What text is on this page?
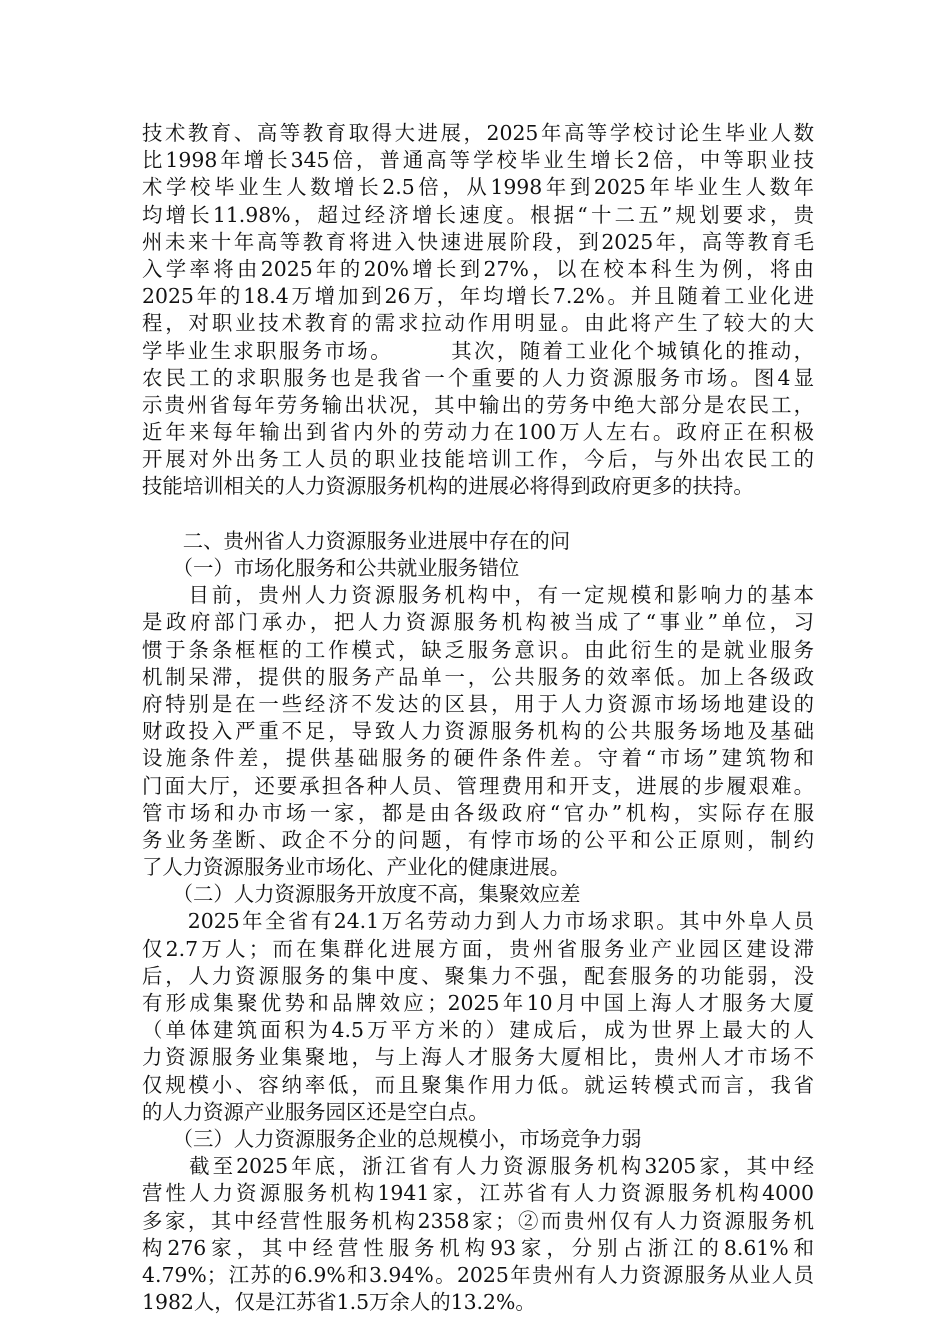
技术教育、高等教育取得大进展，2025年高等学校讨论生毕业人数
比1998年增长345倍，普通高等学校毕业生增长2倍，中等职业技
术学校毕业生人数增长2.5倍，从1998年到2025年毕业生人数年
均增长11.98%，超过经济增长速度。根据“十二五”规划要求，贵
州未来十年高等教育将进入快速进展阶段，到2025年，高等教育毛
入学率将由2025年的20%增长到27%，以在校本科生为例，将由
2025年的18.4万增加到26万，年均增长7.2%。并且随着工业化进
程，对职业技术教育的需求拉动作用明显。由此将产生了较大的大
学毕业生求职服务市场。　　　其次，随着工业化个城镇化的推动，
农民工的求职服务也是我省一个重要的人力资源服务市场。图4显
示贵州省每年劳务输出状况，其中输出的劳务中绝大部分是农民工，
近年来每年输出到省内外的劳动力在100万人左右。政府正在积极
开展对外出务工人员的职业技能培训工作，今后，与外出农民工的
技能培训相关的人力资源服务机构的进展必将得到政府更多的扶持。
　　二、贵州省人力资源服务业进展中存在的问
　　（一）市场化服务和公共就业服务错位
　　目前，贵州人力资源服务机构中，有一定规模和影响力的基本
是政府部门承办，把人力资源服务机构被当成了“事业”单位，习
惯于条条框框的工作模式，缺乏服务意识。由此衍生的是就业服务
机制呆滞，提供的服务产品单一，公共服务的效率低。加上各级政
府特别是在一些经济不发达的区县，用于人力资源市场场地建设的
财政投入严重不足，导致人力资源服务机构的公共服务场地及基础
设施条件差，提供基础服务的硬件条件差。守着“市场”建筑物和
门面大厅，还要承担各种人员、管理费用和开支，进展的步履艰难。
管市场和办市场一家，都是由各级政府“官办”机构，实际存在服
务业务垄断、政企不分的问题，有悖市场的公平和公正原则，制约
了人力资源服务业市场化、产业化的健康进展。
　　（二）人力资源服务开放度不高，集聚效应差
　　2025年全省有24.1万名劳动力到人力市场求职。其中外阜人员
仅2.7万人；而在集群化进展方面，贵州省服务业产业园区建设滞
后，人力资源服务的集中度、聚集力不强，配套服务的功能弱，没
有形成集聚优势和品牌效应；2025年10月中国上海人才服务大厦
（单体建筑面积为4.5万平方米的）建成后，成为世界上最大的人
力资源服务业集聚地，与上海人才服务大厦相比，贵州人才市场不
仅规模小、容纳率低，而且聚集作用力低。就运转模式而言，我省
的人力资源产业服务园区还是空白点。
　　（三）人力资源服务企业的总规模小，市场竞争力弱
　　截至2025年底，浙江省有人力资源服务机构3205家，其中经
营性人力资源服务机构1941家，江苏省有人力资源服务机构4000
多家，其中经营性服务机构2358家；②而贵州仅有人力资源服务机
构276家，其中经营性服务机构93家，分别占浙江的8.61%和
4.79%；江苏的6.9%和3.94%。2025年贵州有人力资源服务从业人员
1982人，仅是江苏省1.5万余人的13.2%。
